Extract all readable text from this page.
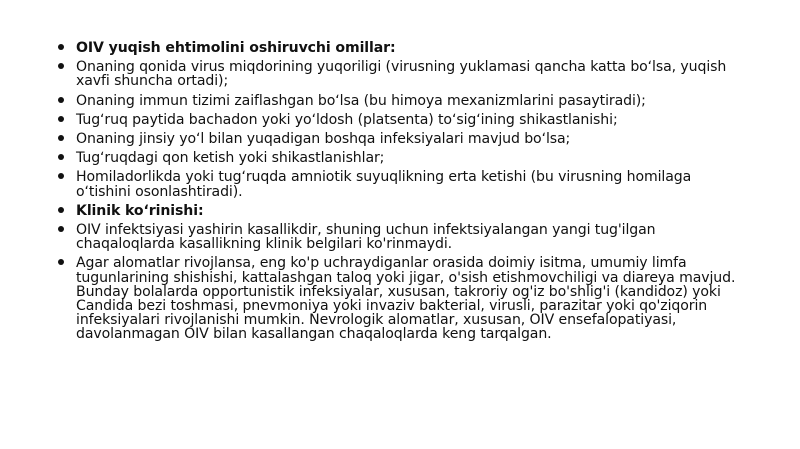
OIV yuqish ehtimolini oshiruvchi omillar:
Onaning qonida virus miqdorining yuqoriligi (virusning yuklamasi qancha katta boʻlsa, yuqish xavfi shuncha ortadi);
Onaning immun tizimi zaiflashgan boʻlsa (bu himoya mexanizmlarini pasaytiradi);
Tugʻruq paytida bachadon yoki yoʻldosh (platsenta) toʻsigʻining shikastlanishi;
Onaning jinsiy yoʻl bilan yuqadigan boshqa infeksiyalari mavjud boʻlsa;
Tugʻruqdagi qon ketish yoki shikastlanishlar;
Homiladorlikda yoki tugʻruqda amniotik suyuqlikning erta ketishi (bu virusning homilaga oʻtishini osonlashtiradi).
Klinik koʻrinishi:
OIV infektsiyasi yashirin kasallikdir, shuning uchun infektsiyalangan yangi tug'ilgan chaqaloqlarda kasallikning klinik belgilari ko'rinmaydi.
Agar alomatlar rivojlansa, eng ko'p uchraydiganlar orasida doimiy isitma, umumiy limfa tugunlarining shishishi, kattalashgan taloq yoki jigar, o'sish etishmovchiligi va diareya mavjud. Bunday bolalarda opportunistik infeksiyalar, xususan, takroriy og'iz bo'shlig'i (kandidoz) yoki Candida bezi toshmasi, pnevmoniya yoki invaziv bakterial, virusli, parazitar yoki qo'ziqorin infeksiyalari rivojlanishi mumkin. Nevrologik alomatlar, xususan, OIV ensefalopatiyasi, davolanmagan OIV bilan kasallangan chaqaloqlarda keng tarqalgan.
